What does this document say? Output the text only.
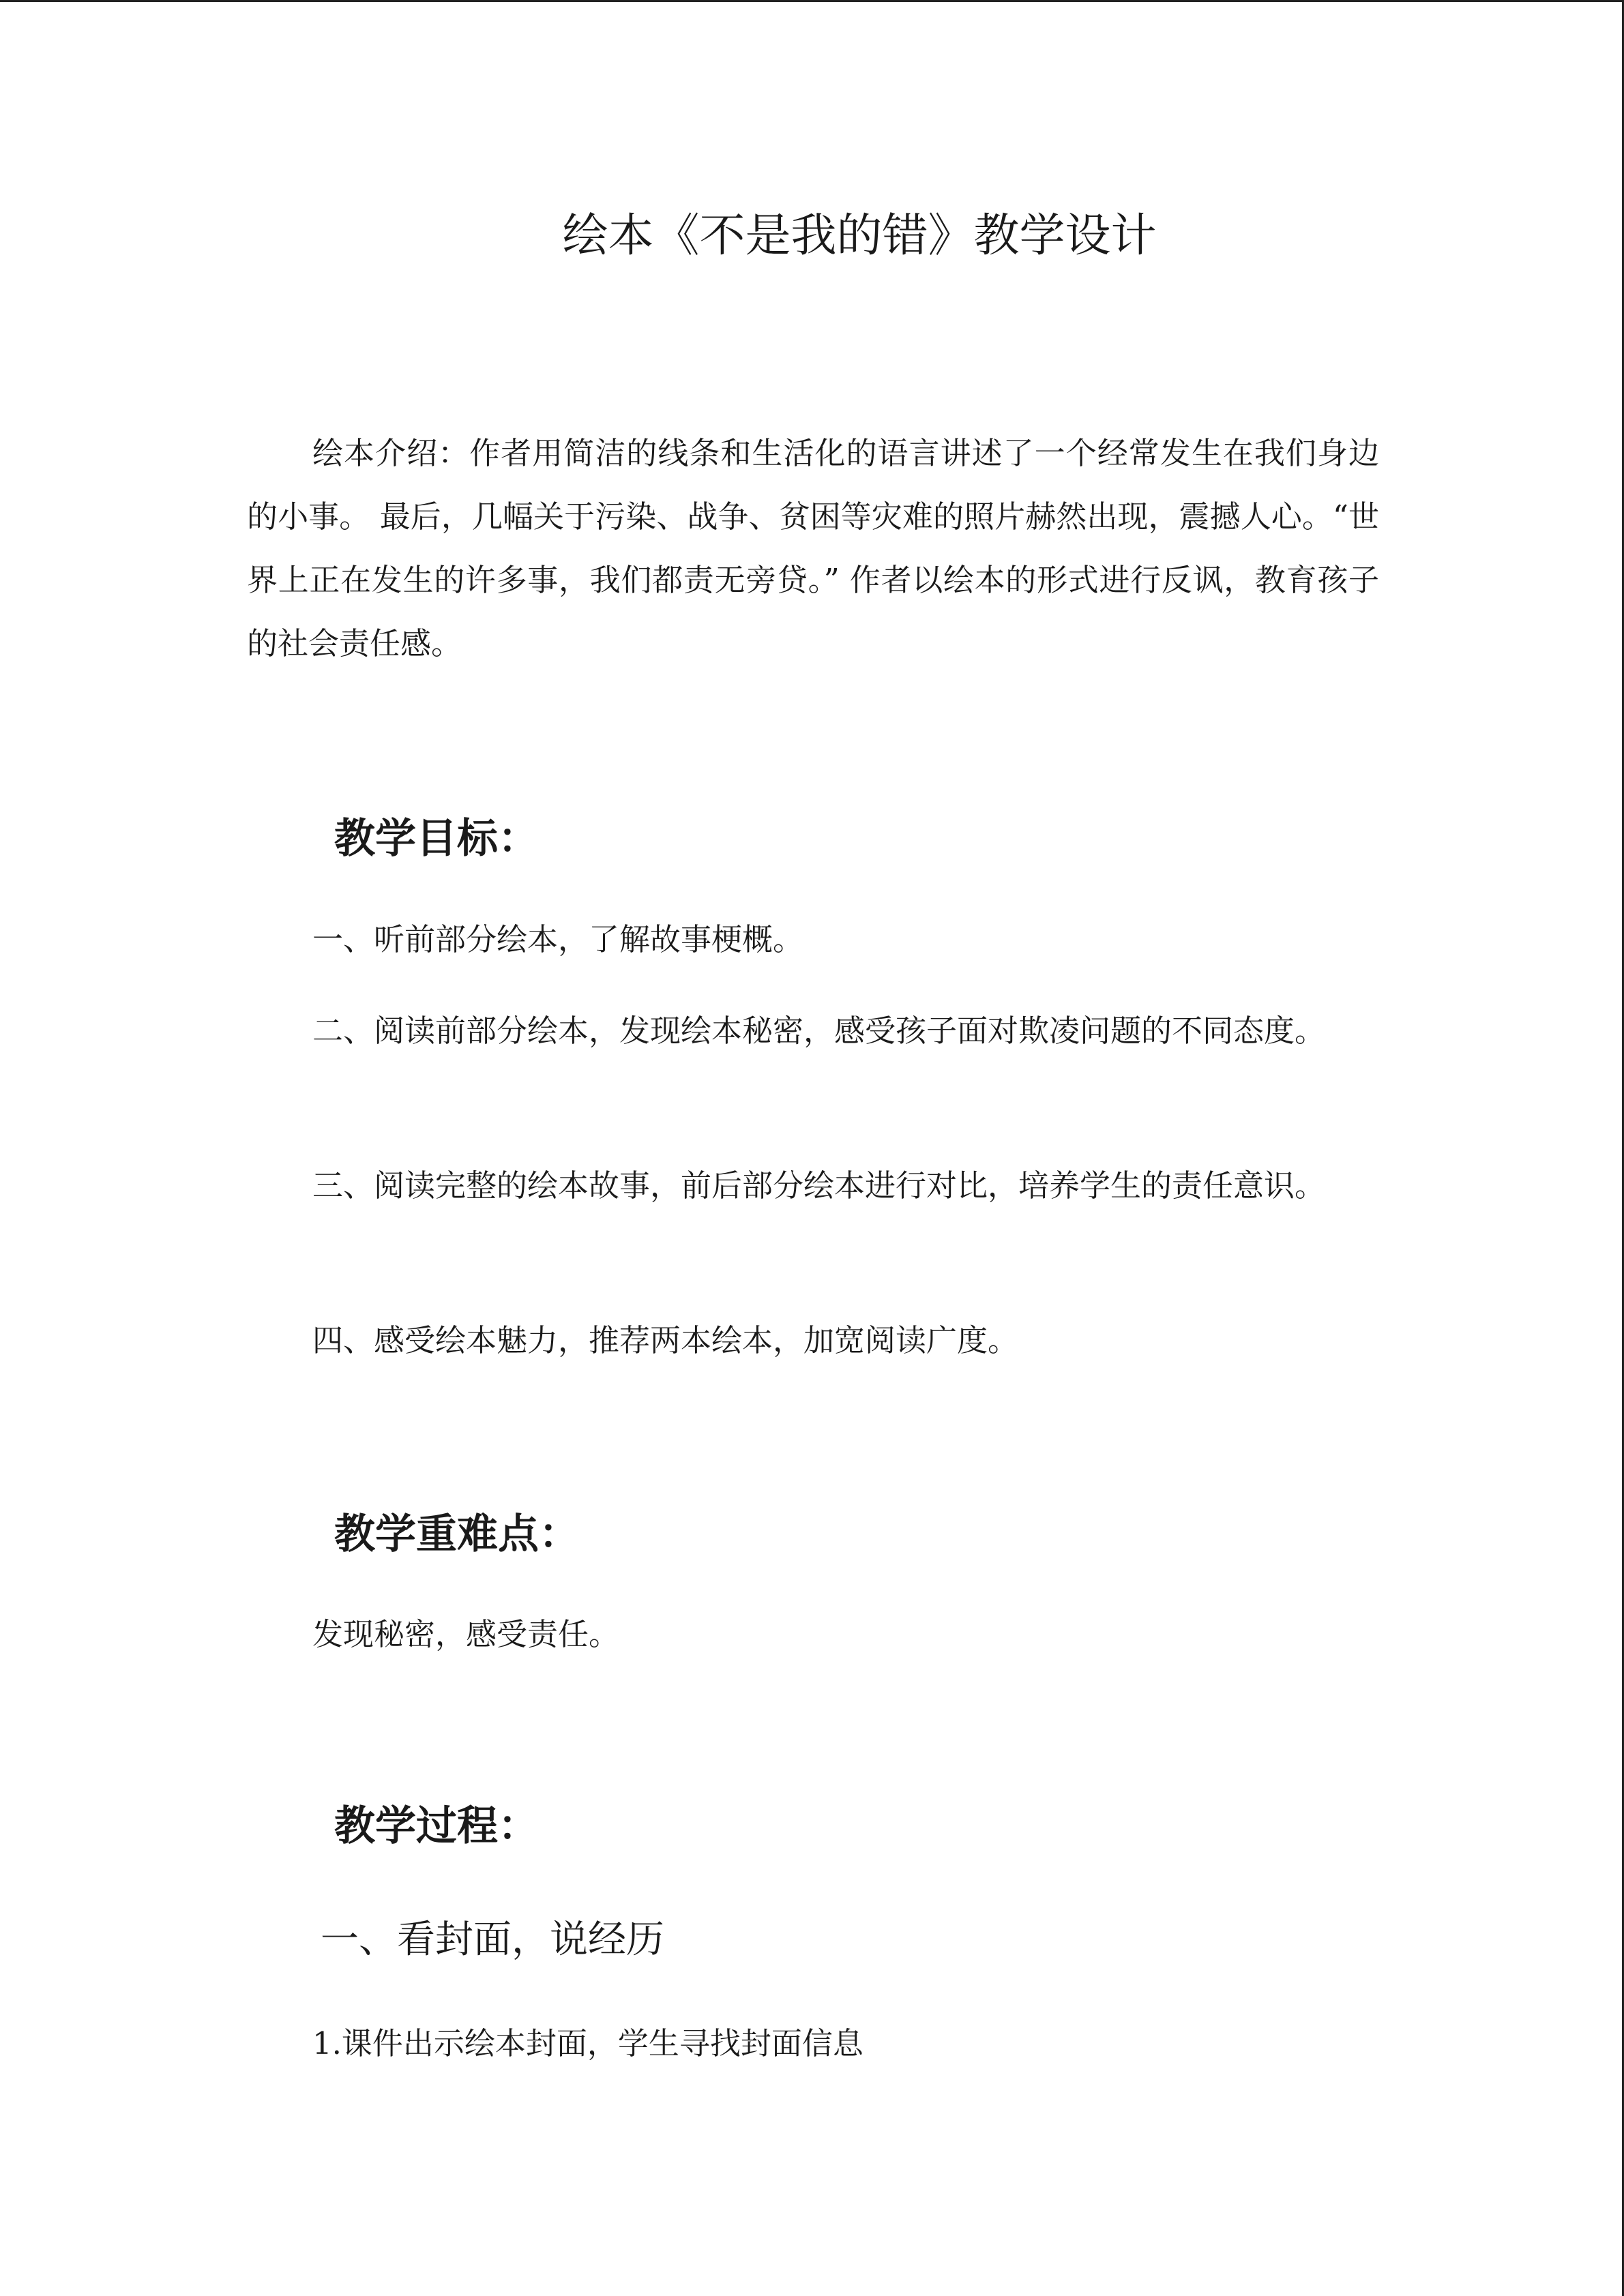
绘本《不是我的错》教学设计

绘本介绍：作者用简洁的线条和生活化的语言讲述了一个经常发生在我们身边的小事。 最后，几幅关于污染、战争、贫困等灾难的照片赫然出现，震撼人心。“世界上正在发生的许多事，我们都责无旁贷。” 作者以绘本的形式进行反讽，教育孩子的社会责任感。

教学目标：

一、听前部分绘本，了解故事梗概。

二、阅读前部分绘本，发现绘本秘密，感受孩子面对欺凌问题的不同态度。

三、阅读完整的绘本故事，前后部分绘本进行对比，培养学生的责任意识。

四、感受绘本魅力，推荐两本绘本，加宽阅读广度。

教学重难点：

发现秘密，感受责任。

教学过程：
一、看封面，说经历

1.课件出示绘本封面，学生寻找封面信息
